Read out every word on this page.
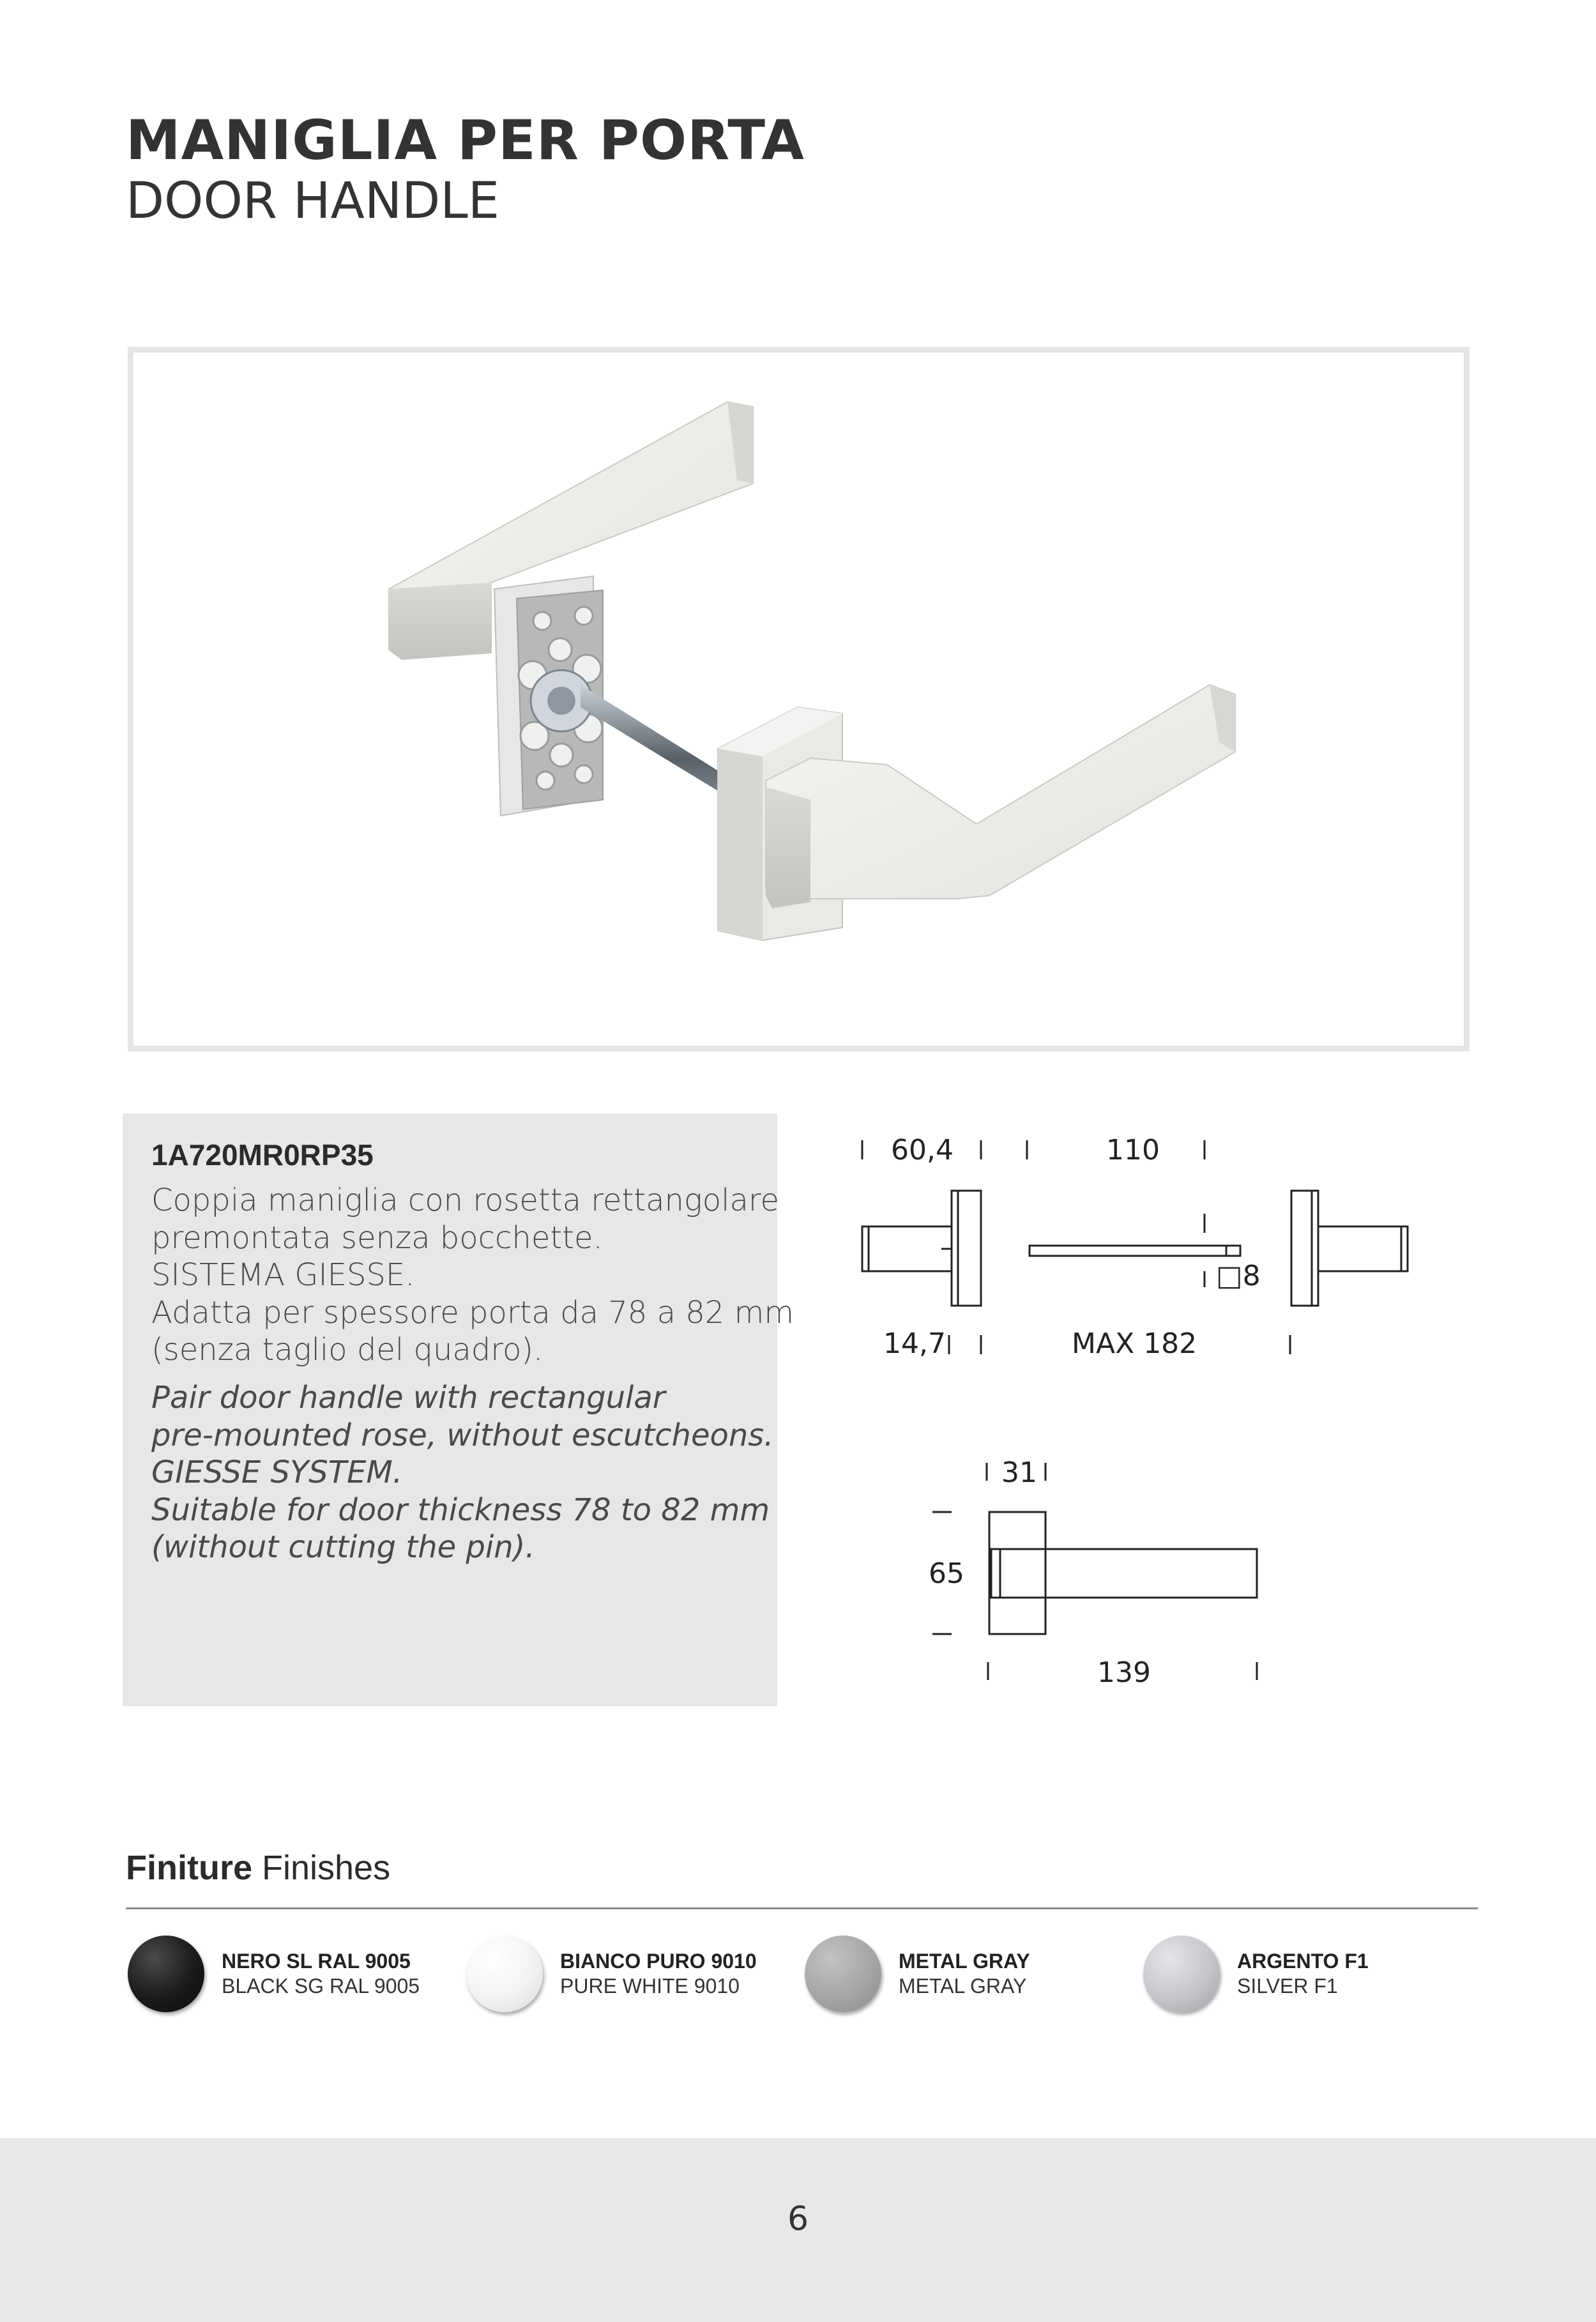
MANIGLIA PER PORTA
DOOR HANDLE

1A720MR0RP35

Coppia maniglia con rosetta rettangolare

premontata senza bocchette.

SISTEMA GIESSE.

Adatta per spessore porta da 78 a 82 mm

(senza taglio del quadro).

Pair door handle with rectangular

pre-mounted rose, without escutcheons.

GIESSE SYSTEM.

Suitable for door thickness 78 to 82 mm

(without cutting the pin).

60,4	110
□8
14,7	MAX 182
31
65
139

Finiture Finishes

NERO SL RAL 9005

BLACK SG RAL 9005

BIANCO PURO 9010

PURE WHITE 9010

METAL GRAY

METAL GRAY

ARGENTO F1

SILVER F1

6
